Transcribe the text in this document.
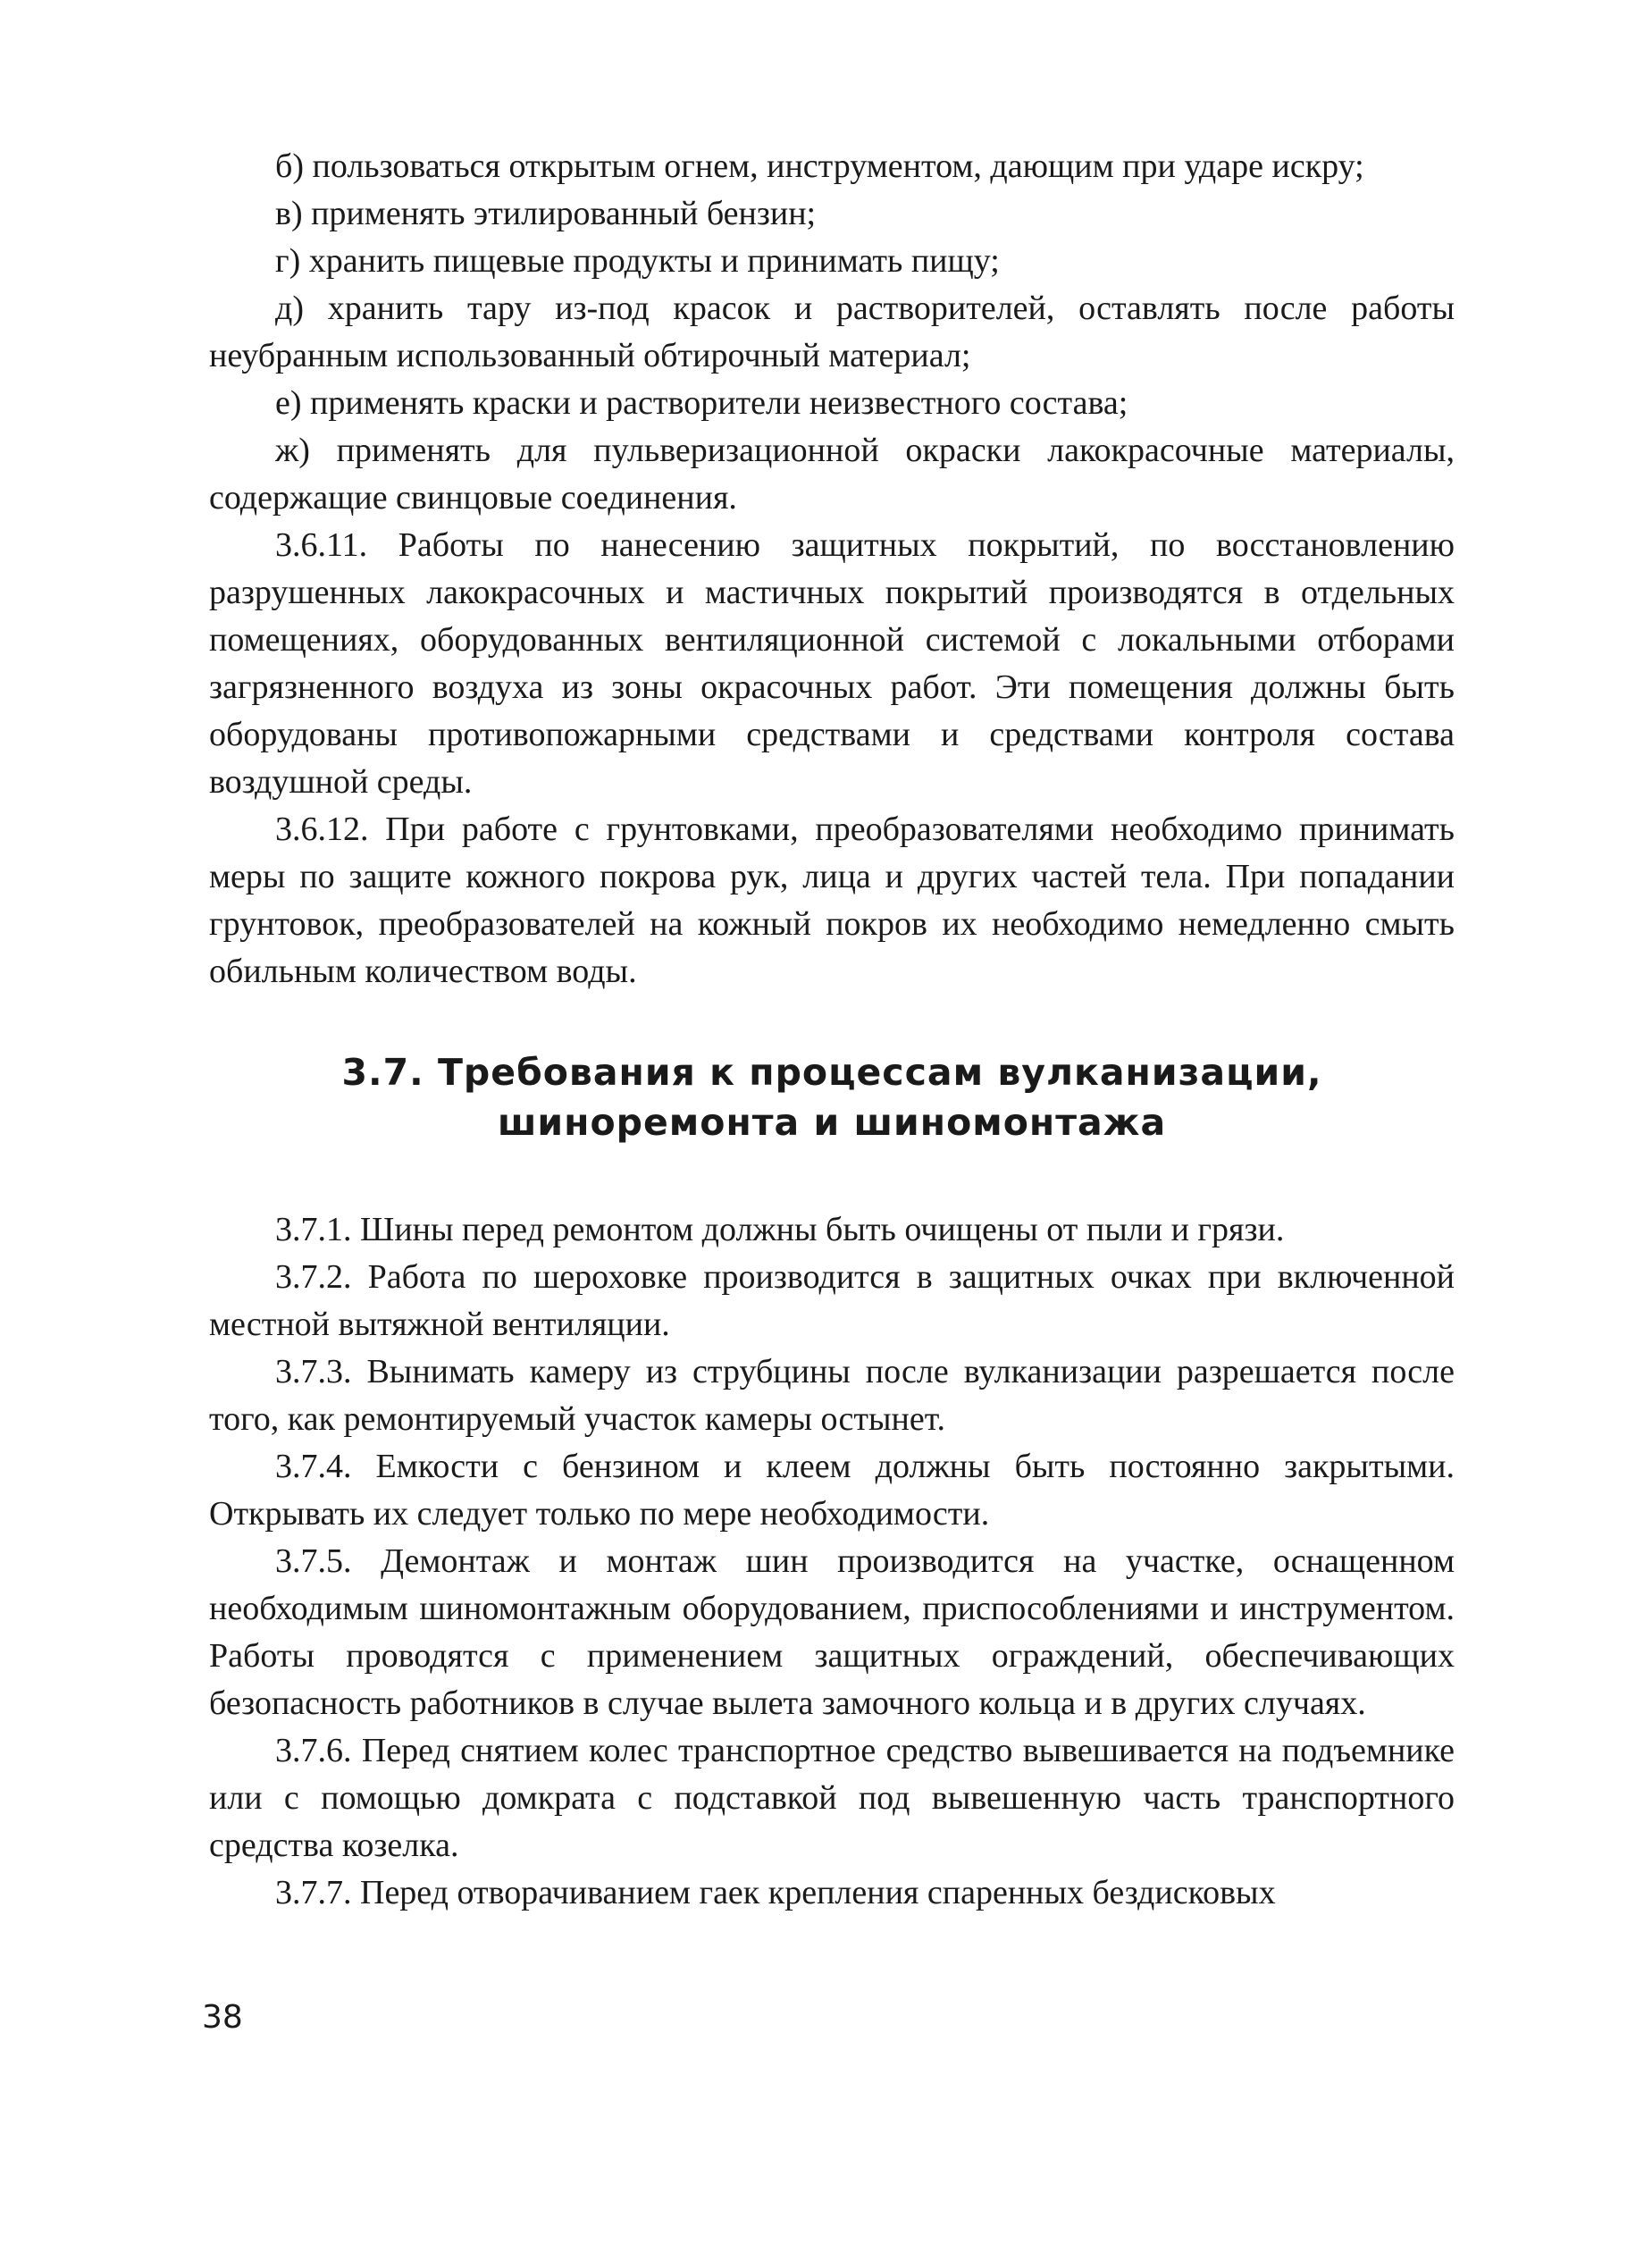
б) пользоваться открытым огнем, инструментом, дающим при ударе искру;

в) применять этилированный бензин;

г) хранить пищевые продукты и принимать пищу;

д) хранить тару из-под красок и растворителей, оставлять после работы неубранным использованный обтирочный материал;

е) применять краски и растворители неизвестного состава;

ж) применять для пульверизационной окраски лакокрасочные материалы, содержащие свинцовые соединения.

3.6.11. Работы по нанесению защитных покрытий, по восстановлению разрушенных лакокрасочных и мастичных покрытий производятся в отдельных помещениях, оборудованных вентиляционной системой с локальными отборами загрязненного воздуха из зоны окрасочных работ. Эти помещения должны быть оборудованы противопожарными средствами и средствами контроля состава воздушной среды.

3.6.12. При работе с грунтовками, преобразователями необходимо принимать меры по защите кожного покрова рук, лица и других частей тела. При попадании грунтовок, преобразователей на кожный покров их необходимо немедленно смыть обильным количеством воды.

3.7. Требования к процессам вулканизации,
шиноремонта и шиномонтажа

3.7.1. Шины перед ремонтом должны быть очищены от пыли и грязи.

3.7.2. Работа по шероховке производится в защитных очках при включенной местной вытяжной вентиляции.

3.7.3. Вынимать камеру из струбцины после вулканизации разрешается после того, как ремонтируемый участок камеры остынет.

3.7.4. Емкости с бензином и клеем должны быть постоянно закрытыми. Открывать их следует только по мере необходимости.

3.7.5. Демонтаж и монтаж шин производится на участке, оснащенном необходимым шиномонтажным оборудованием, приспособлениями и инструментом. Работы проводятся с применением защитных ограждений, обеспечивающих безопасность работников в случае вылета замочного кольца и в других случаях.

3.7.6. Перед снятием колес транспортное средство вывешивается на подъемнике или с помощью домкрата с подставкой под вывешенную часть транспортного средства козелка.

3.7.7. Перед отворачиванием гаек крепления спаренных бездисковых

38
